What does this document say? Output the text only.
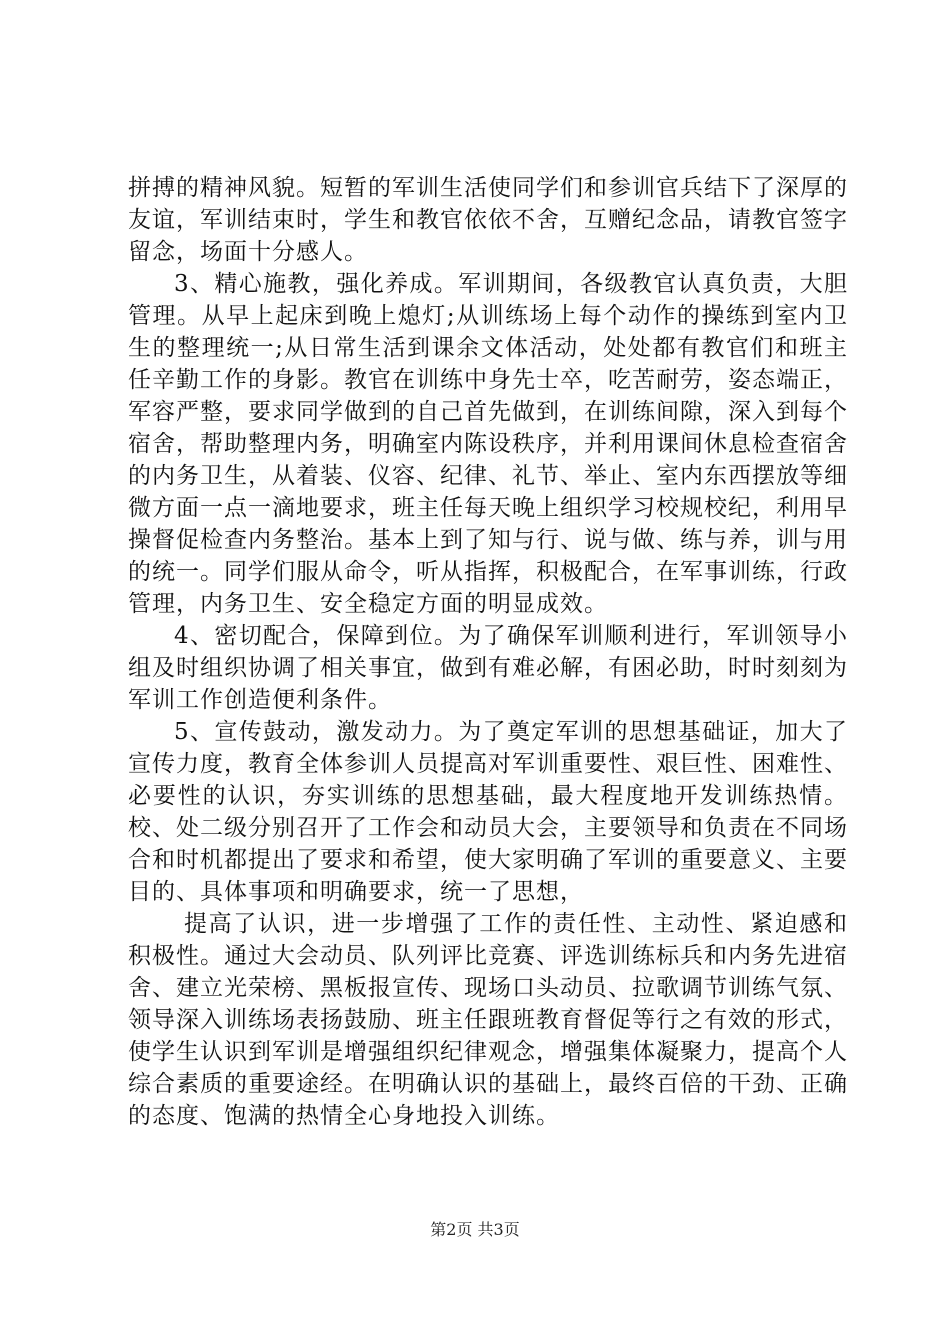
拼搏的精神风貌。短暂的军训生活使同学们和参训官兵结下了深厚的友谊，军训结束时，学生和教官依依不舍，互赠纪念品，请教官签字留念，场面十分感人。

3、精心施教，强化养成。军训期间，各级教官认真负责，大胆管理。从早上起床到晚上熄灯;从训练场上每个动作的操练到室内卫生的整理统一;从日常生活到课余文体活动，处处都有教官们和班主任辛勤工作的身影。教官在训练中身先士卒，吃苦耐劳，姿态端正，军容严整，要求同学做到的自己首先做到，在训练间隙，深入到每个宿舍，帮助整理内务，明确室内陈设秩序，并利用课间休息检查宿舍的内务卫生，从着装、仪容、纪律、礼节、举止、室内东西摆放等细微方面一点一滴地要求，班主任每天晚上组织学习校规校纪，利用早操督促检查内务整治。基本上到了知与行、说与做、练与养，训与用的统一。同学们服从命令，听从指挥，积极配合，在军事训练，行政管理，内务卫生、安全稳定方面的明显成效。

4、密切配合，保障到位。为了确保军训顺利进行，军训领导小组及时组织协调了相关事宜，做到有难必解，有困必助，时时刻刻为军训工作创造便利条件。

5、宣传鼓动，激发动力。为了奠定军训的思想基础证，加大了宣传力度，教育全体参训人员提高对军训重要性、艰巨性、困难性、必要性的认识，夯实训练的思想基础，最大程度地开发训练热情。校、处二级分别召开了工作会和动员大会，主要领导和负责在不同场合和时机都提出了要求和希望，使大家明确了军训的重要意义、主要目的、具体事项和明确要求，统一了思想，

提高了认识，进一步增强了工作的责任性、主动性、紧迫感和积极性。通过大会动员、队列评比竞赛、评选训练标兵和内务先进宿舍、建立光荣榜、黑板报宣传、现场口头动员、拉歌调节训练气氛、领导深入训练场表扬鼓励、班主任跟班教育督促等行之有效的形式，使学生认识到军训是增强组织纪律观念，增强集体凝聚力，提高个人综合素质的重要途经。在明确认识的基础上，最终百倍的干劲、正确的态度、饱满的热情全心身地投入训练。

第2页 共3页
